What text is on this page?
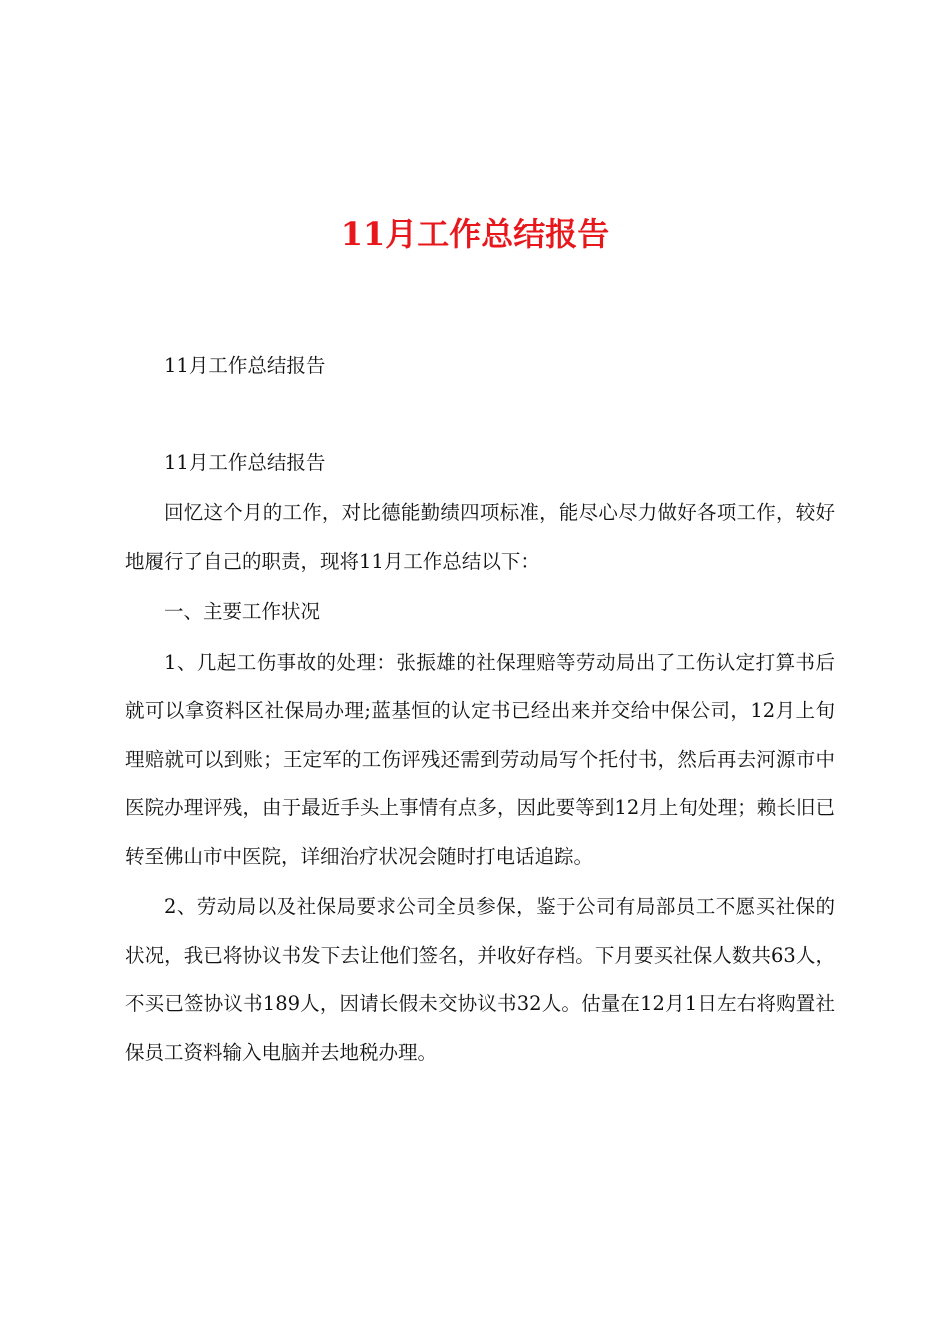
11月工作总结报告

11月工作总结报告

11月工作总结报告

回忆这个月的工作，对比德能勤绩四项标准，能尽心尽力做好各项工作，较好地履行了自己的职责，现将11月工作总结以下：

一、主要工作状况

1、几起工伤事故的处理：张振雄的社保理赔等劳动局出了工伤认定打算书后就可以拿资料区社保局办理;蓝基恒的认定书已经出来并交给中保公司，12月上旬理赔就可以到账；王定军的工伤评残还需到劳动局写个托付书，然后再去河源市中医院办理评残，由于最近手头上事情有点多，因此要等到12月上旬处理；赖长旧已转至佛山市中医院，详细治疗状况会随时打电话追踪。

2、劳动局以及社保局要求公司全员参保，鉴于公司有局部员工不愿买社保的状况，我已将协议书发下去让他们签名，并收好存档。下月要买社保人数共63人，不买已签协议书189人，因请长假未交协议书32人。估量在12月1日左右将购置社保员工资料输入电脑并去地税办理。
